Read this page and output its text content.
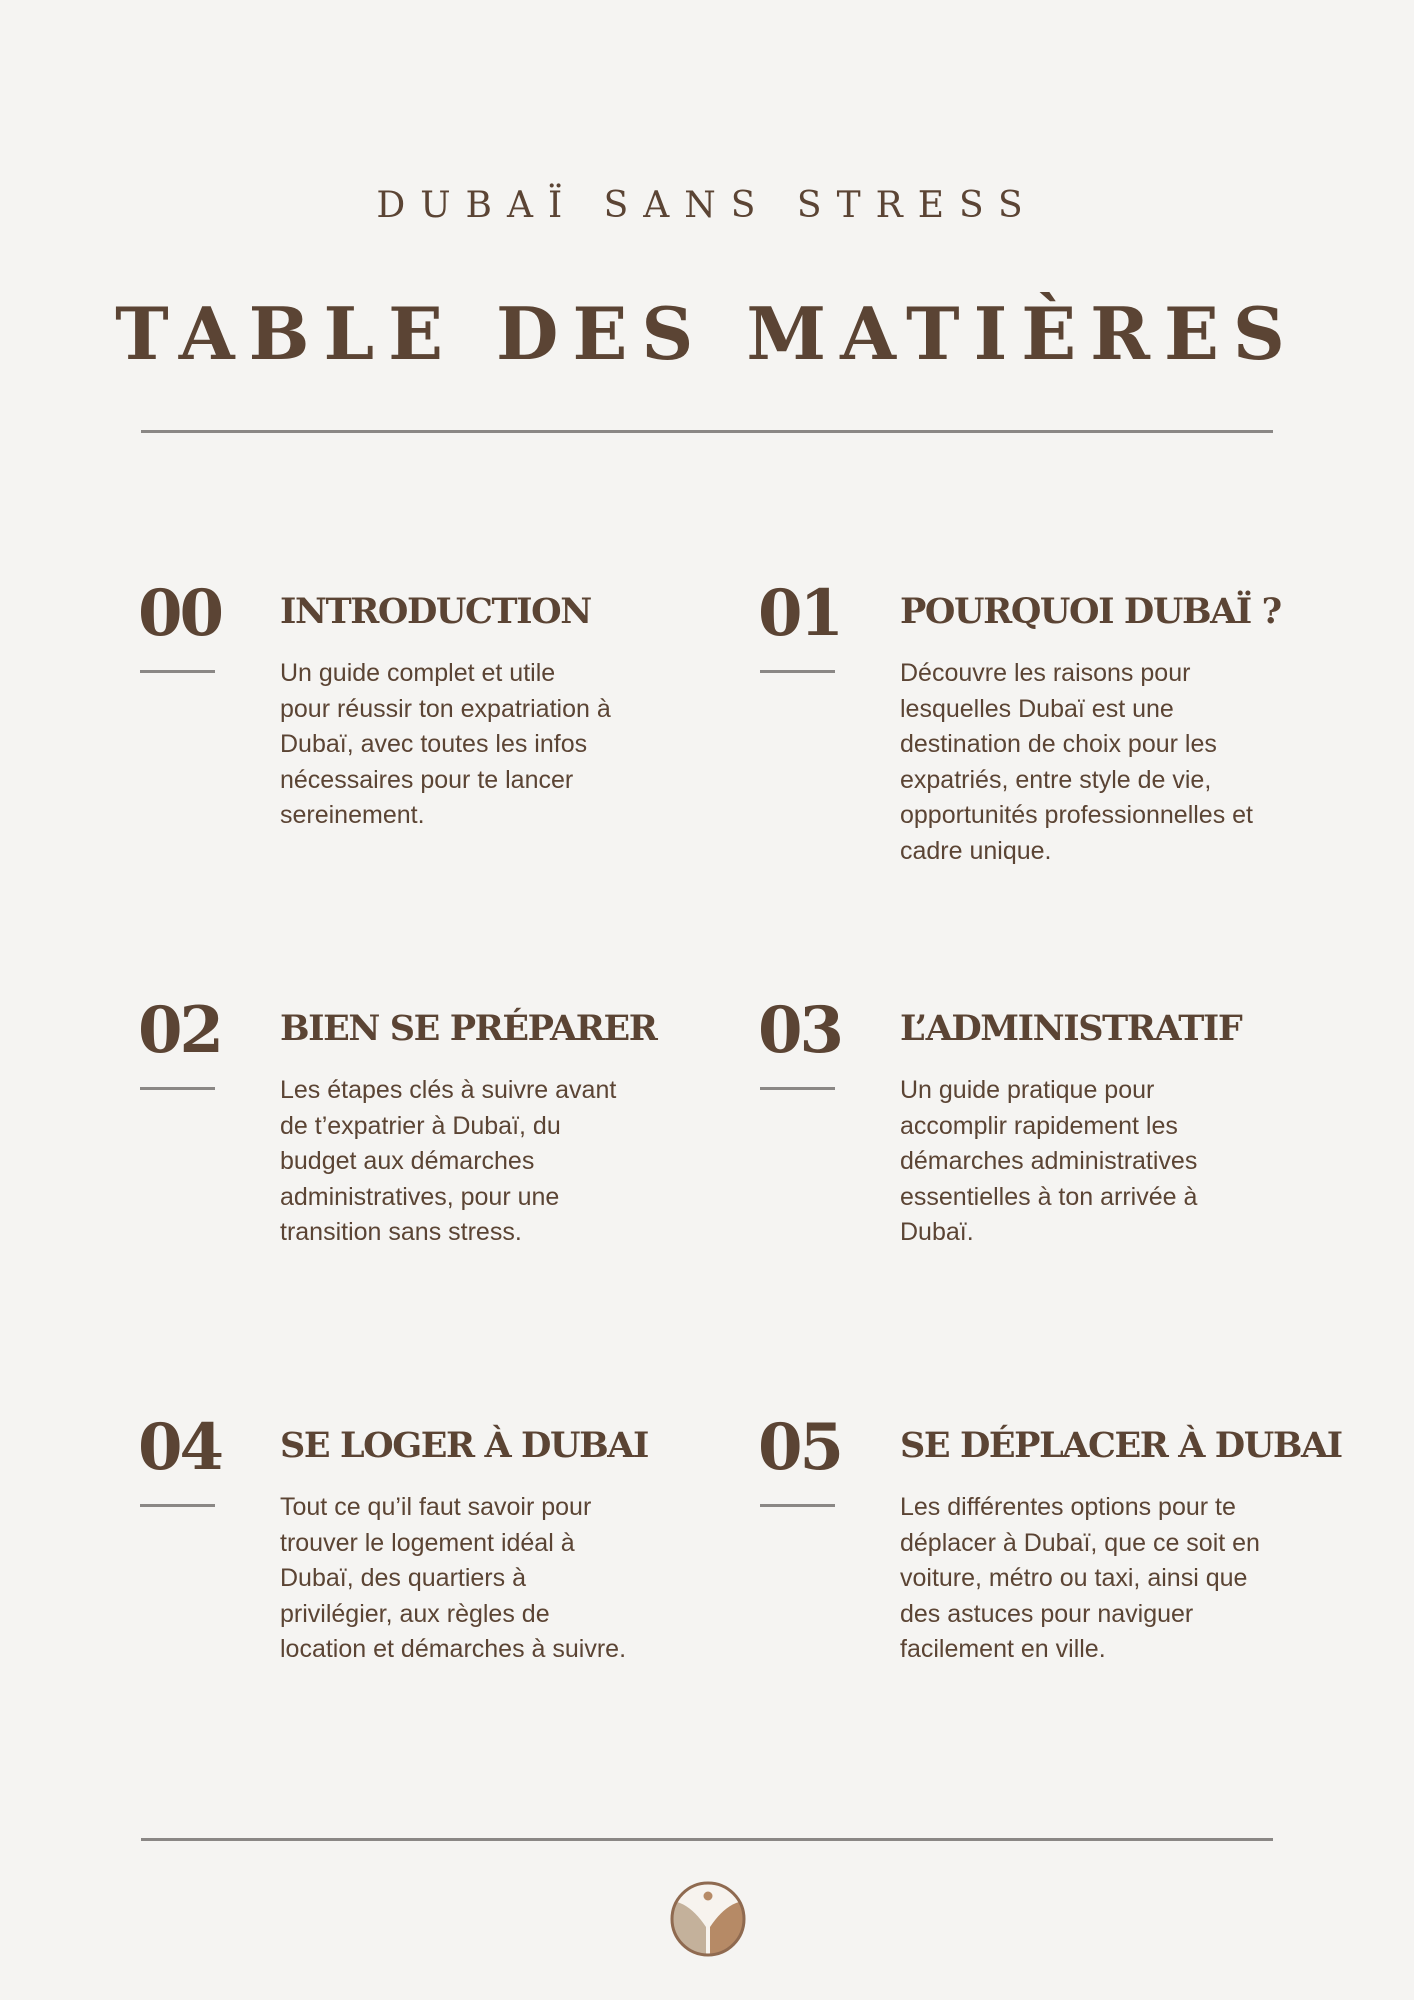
DUBAÏ SANS STRESS
TABLE DES MATIÈRES
00	INTRODUCTION
Un guide complet et utile
pour réussir ton expatriation à
Dubaï, avec toutes les infos
nécessaires pour te lancer
sereinement.
01	POURQUOI DUBAÏ ?
Découvre les raisons pour
lesquelles Dubaï est une
destination de choix pour les
expatriés, entre style de vie,
opportunités professionnelles et
cadre unique.
02	BIEN SE PRÉPARER
Les étapes clés à suivre avant
de t’expatrier à Dubaï, du
budget aux démarches
administratives, pour une
transition sans stress.
03	L’ADMINISTRATIF
Un guide pratique pour
accomplir rapidement les
démarches administratives
essentielles à ton arrivée à
Dubaï.
04	SE LOGER À DUBAI
Tout ce qu’il faut savoir pour
trouver le logement idéal à
Dubaï, des quartiers à
privilégier, aux règles de
location et démarches à suivre.
05	SE DÉPLACER À DUBAI
Les différentes options pour te
déplacer à Dubaï, que ce soit en
voiture, métro ou taxi, ainsi que
des astuces pour naviguer
facilement en ville.
